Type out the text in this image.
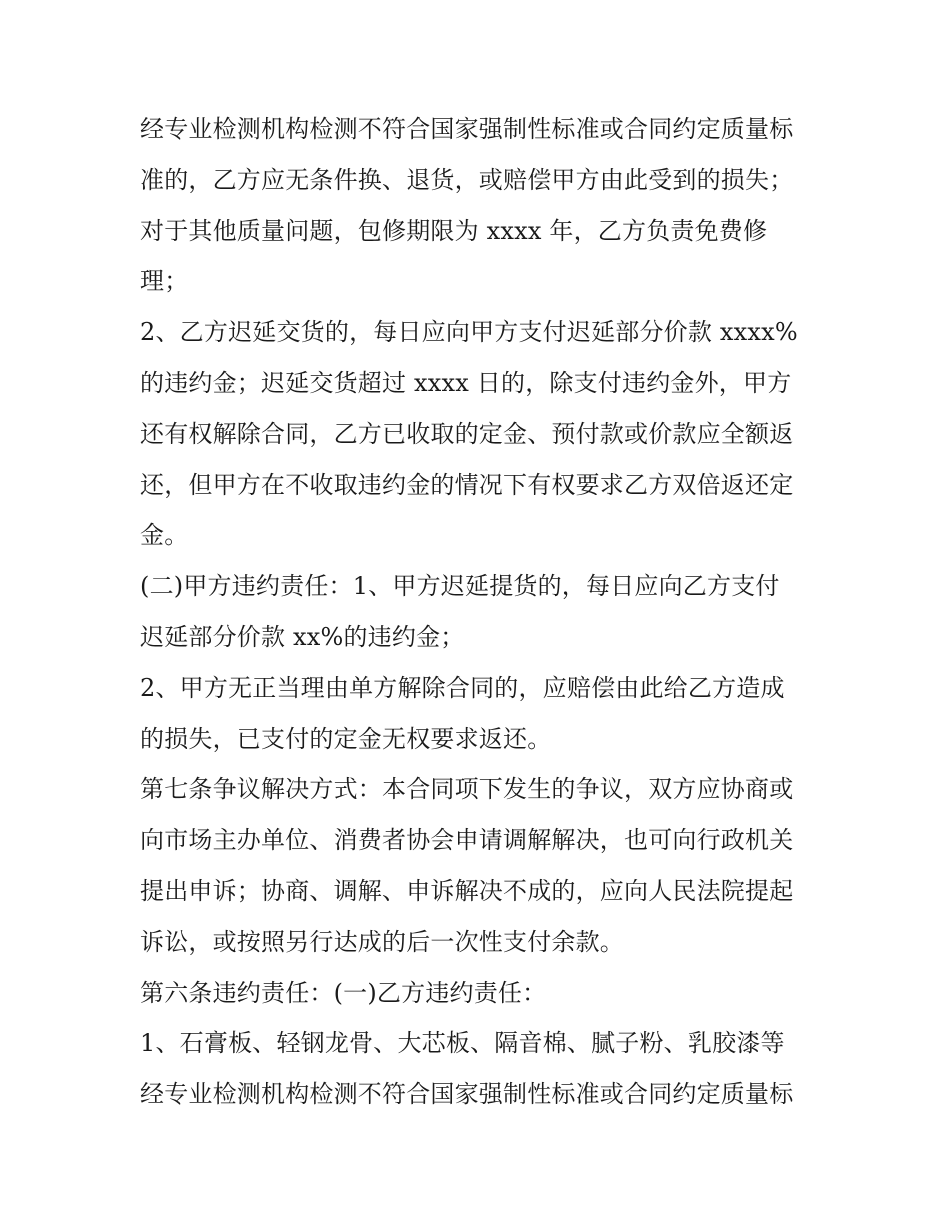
经专业检测机构检测不符合国家强制性标准或合同约定质量标
准的，乙方应无条件换、退货，或赔偿甲方由此受到的损失；
对于其他质量问题，包修期限为 xxxx 年，乙方负责免费修
理；
2、乙方迟延交货的，每日应向甲方支付迟延部分价款 xxxx%
的违约金；迟延交货超过 xxxx 日的，除支付违约金外，甲方
还有权解除合同，乙方已收取的定金、预付款或价款应全额返
还，但甲方在不收取违约金的情况下有权要求乙方双倍返还定
金。
(二)甲方违约责任：1、甲方迟延提货的，每日应向乙方支付
迟延部分价款 xx%的违约金；
2、甲方无正当理由单方解除合同的，应赔偿由此给乙方造成
的损失，已支付的定金无权要求返还。
第七条争议解决方式：本合同项下发生的争议，双方应协商或
向市场主办单位、消费者协会申请调解解决，也可向行政机关
提出申诉；协商、调解、申诉解决不成的，应向人民法院提起
诉讼，或按照另行达成的后一次性支付余款。
第六条违约责任：(一)乙方违约责任：
1、石膏板、轻钢龙骨、大芯板、隔音棉、腻子粉、乳胶漆等
经专业检测机构检测不符合国家强制性标准或合同约定质量标
